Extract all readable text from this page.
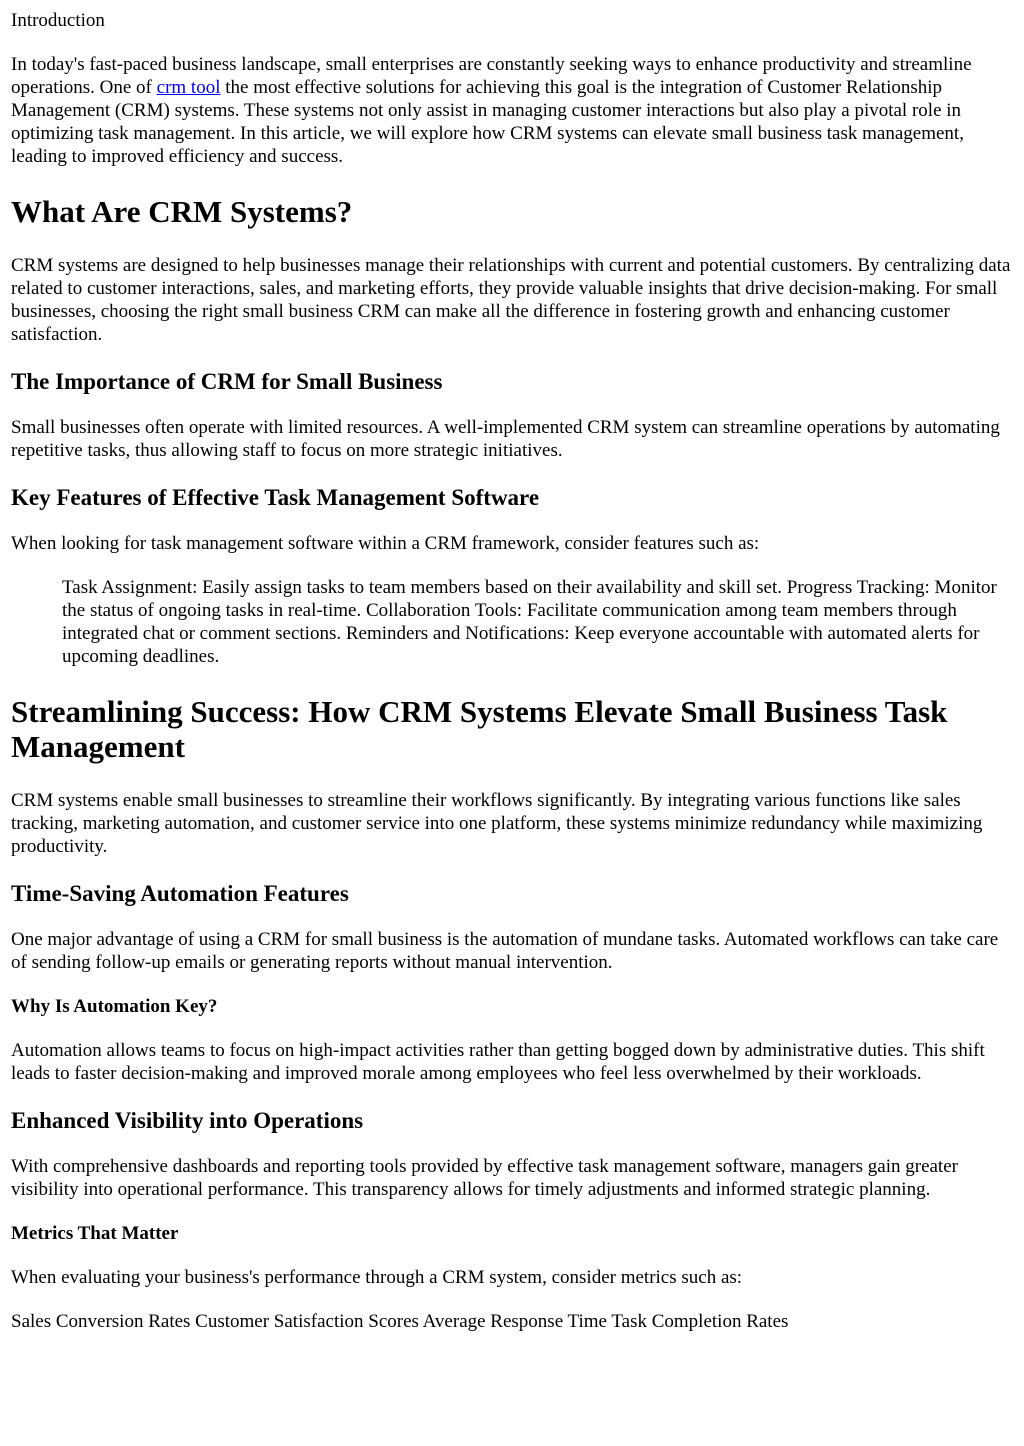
Introduction

In today's fast-paced business landscape, small enterprises are constantly seeking ways to enhance productivity and streamline operations. One of crm tool the most effective solutions for achieving this goal is the integration of Customer Relationship Management (CRM) systems. These systems not only assist in managing customer interactions but also play a pivotal role in optimizing task management. In this article, we will explore how CRM systems can elevate small business task management, leading to improved efficiency and success.

What Are CRM Systems?

CRM systems are designed to help businesses manage their relationships with current and potential customers. By centralizing data related to customer interactions, sales, and marketing efforts, they provide valuable insights that drive decision-making. For small businesses, choosing the right small business CRM can make all the difference in fostering growth and enhancing customer satisfaction.

The Importance of CRM for Small Business

Small businesses often operate with limited resources. A well-implemented CRM system can streamline operations by automating repetitive tasks, thus allowing staff to focus on more strategic initiatives.

Key Features of Effective Task Management Software

When looking for task management software within a CRM framework, consider features such as:

Task Assignment: Easily assign tasks to team members based on their availability and skill set. Progress Tracking: Monitor the status of ongoing tasks in real-time. Collaboration Tools: Facilitate communication among team members through integrated chat or comment sections. Reminders and Notifications: Keep everyone accountable with automated alerts for upcoming deadlines.
Streamlining Success: How CRM Systems Elevate Small Business Task Management

CRM systems enable small businesses to streamline their workflows significantly. By integrating various functions like sales tracking, marketing automation, and customer service into one platform, these systems minimize redundancy while maximizing productivity.

Time-Saving Automation Features

One major advantage of using a CRM for small business is the automation of mundane tasks. Automated workflows can take care of sending follow-up emails or generating reports without manual intervention.

Why Is Automation Key?

Automation allows teams to focus on high-impact activities rather than getting bogged down by administrative duties. This shift leads to faster decision-making and improved morale among employees who feel less overwhelmed by their workloads.

Enhanced Visibility into Operations

With comprehensive dashboards and reporting tools provided by effective task management software, managers gain greater visibility into operational performance. This transparency allows for timely adjustments and informed strategic planning.

Metrics That Matter

When evaluating your business's performance through a CRM system, consider metrics such as:

Sales Conversion Rates Customer Satisfaction Scores Average Response Time Task Completion Rates
